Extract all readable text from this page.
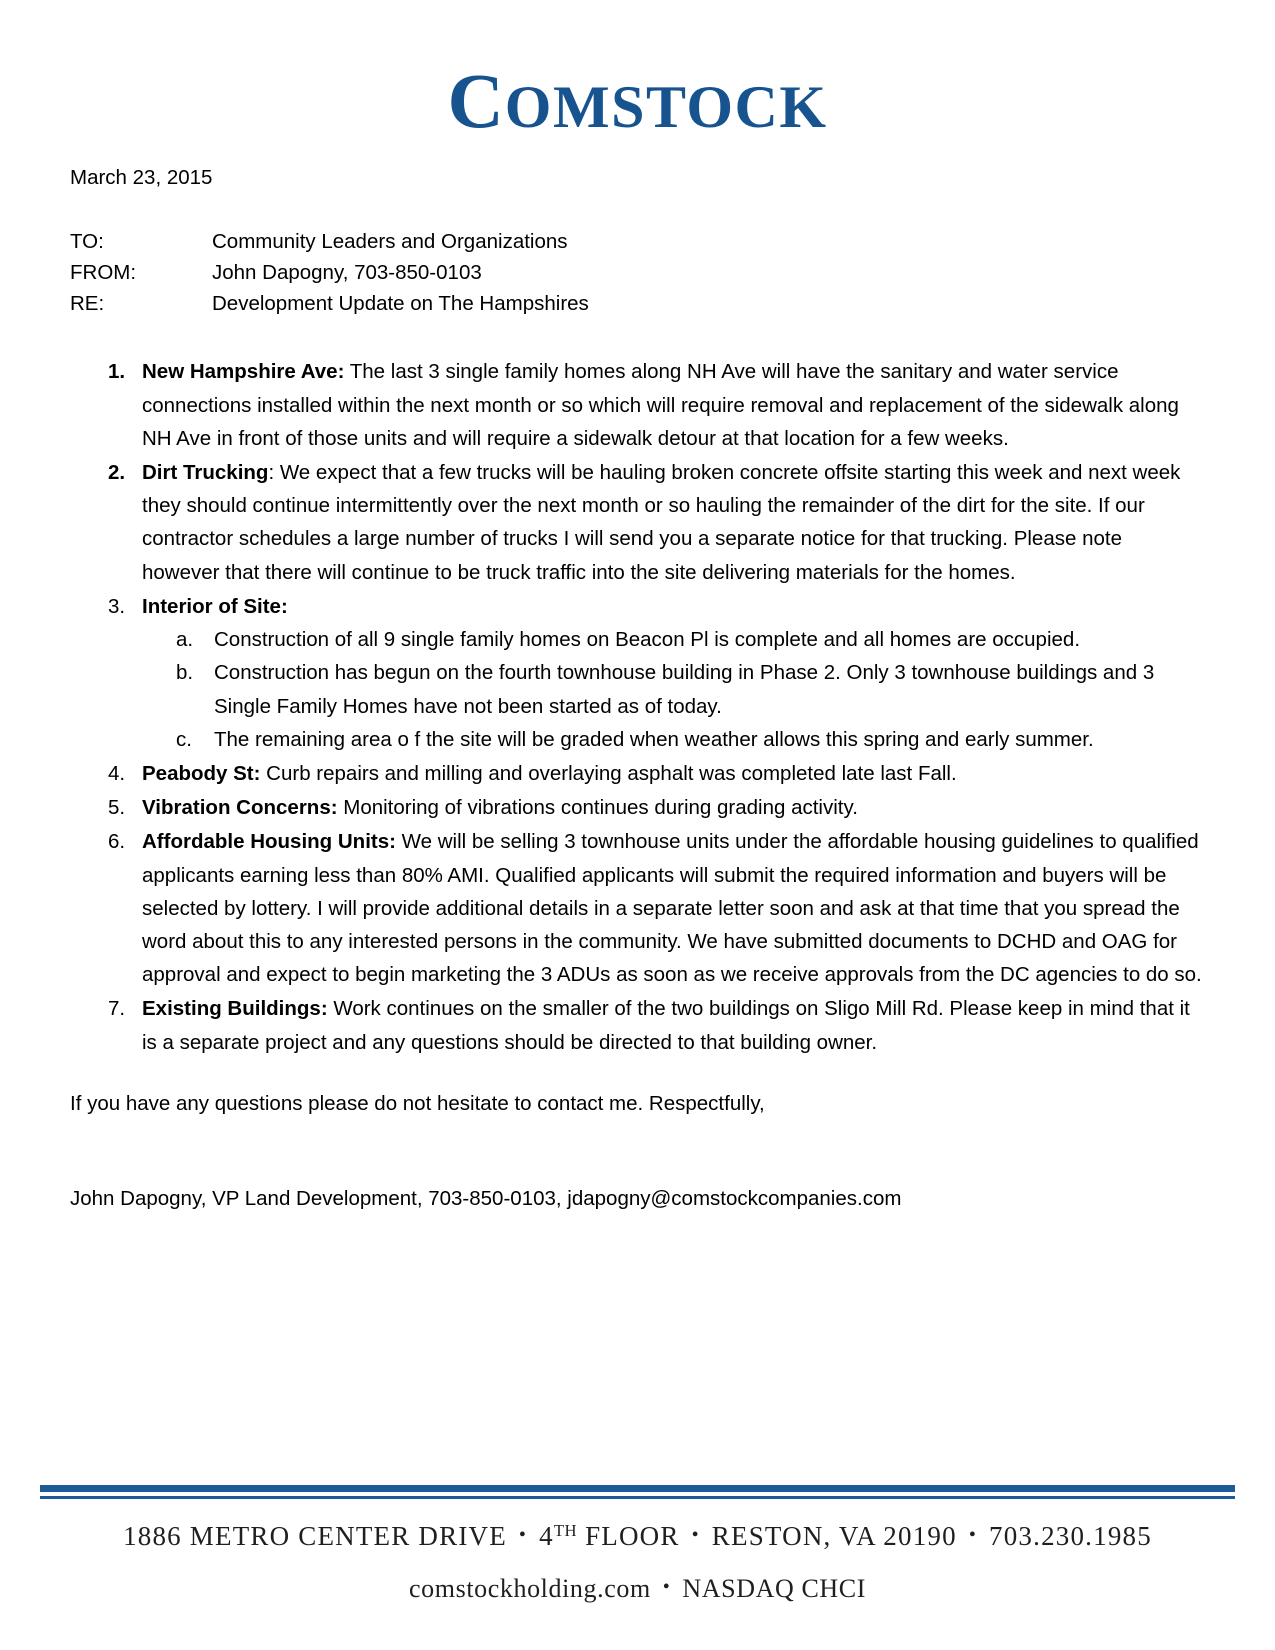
COMSTOCK
March 23, 2015
TO:	Community Leaders and Organizations
FROM:	John Dapogny, 703-850-0103
RE:	Development Update on The Hampshires
New Hampshire Ave: The last 3 single family homes along NH Ave will have the sanitary and water service connections installed within the next month or so which will require removal and replacement of the sidewalk along NH Ave in front of those units and will require a sidewalk detour at that location for a few weeks.
Dirt Trucking: We expect that a few trucks will be hauling broken concrete offsite starting this week and next week they should continue intermittently over the next month or so hauling the remainder of the dirt for the site. If our contractor schedules a large number of trucks I will send you a separate notice for that trucking. Please note however that there will continue to be truck traffic into the site delivering materials for the homes.
Interior of Site:
Construction of all 9 single family homes on Beacon Pl is complete and all homes are occupied.
Construction has begun on the fourth townhouse building in Phase 2. Only 3 townhouse buildings and 3 Single Family Homes have not been started as of today.
The remaining area o f the site will be graded when weather allows this spring and early summer.
Peabody St: Curb repairs and milling and overlaying asphalt was completed late last Fall.
Vibration Concerns: Monitoring of vibrations continues during grading activity.
Affordable Housing Units: We will be selling 3 townhouse units under the affordable housing guidelines to qualified applicants earning less than 80% AMI. Qualified applicants will submit the required information and buyers will be selected by lottery. I will provide additional details in a separate letter soon and ask at that time that you spread the word about this to any interested persons in the community. We have submitted documents to DCHD and OAG for approval and expect to begin marketing the 3 ADUs as soon as we receive approvals from the DC agencies to do so.
Existing Buildings: Work continues on the smaller of the two buildings on Sligo Mill Rd. Please keep in mind that it is a separate project and any questions should be directed to that building owner.
If you have any questions please do not hesitate to contact me. Respectfully,
John Dapogny, VP Land Development, 703-850-0103, jdapogny@comstockcompanies.com
1886 METRO CENTER DRIVE • 4TH FLOOR • RESTON, VA 20190 • 703.230.1985
comstockholding.com • NASDAQ CHCI
